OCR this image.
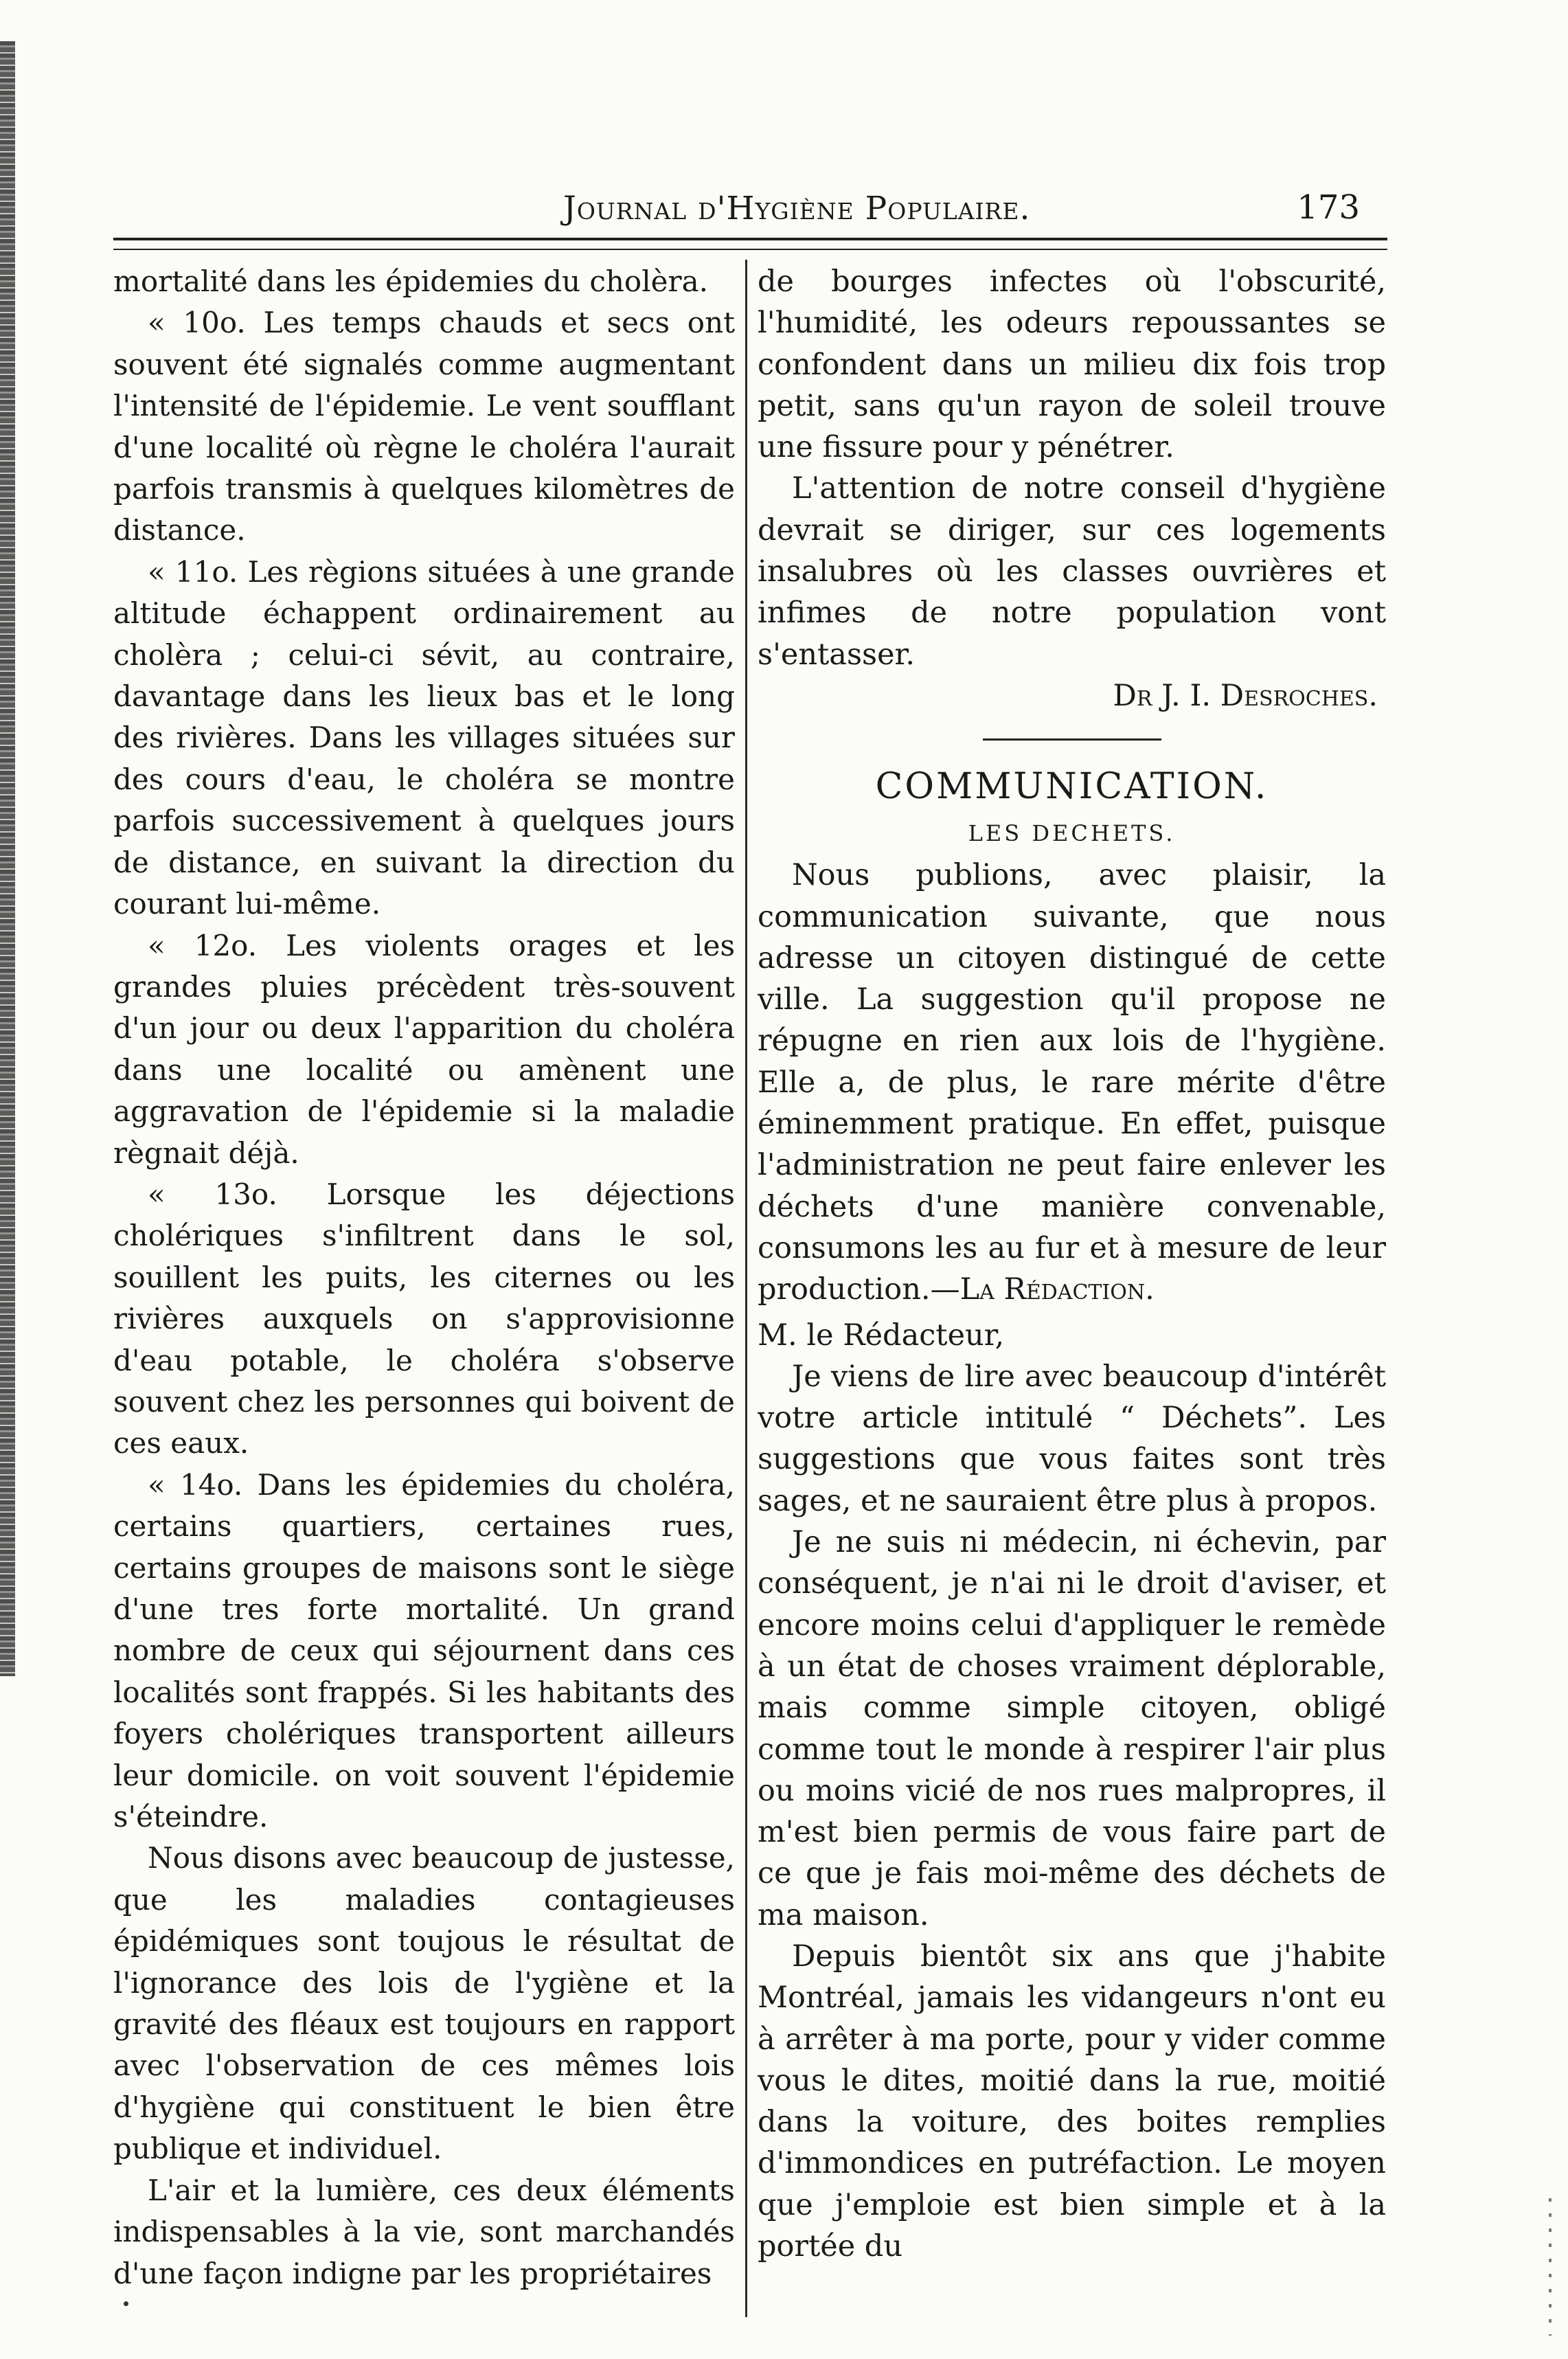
Journal d'Hygiène Populaire.	173

mortalité dans les épidemies du cholèra.

« 10o. Les temps chauds et secs ont souvent été signalés comme augmentant l'intensité de l'épidemie. Le vent soufflant d'une localité où règne le choléra l'aurait parfois transmis à quelques kilomètres de distance.

« 11o. Les règions situées à une grande altitude échappent ordinairement au cholèra ; celui-ci sévit, au contraire, davantage dans les lieux bas et le long des rivières. Dans les villages situées sur des cours d'eau, le choléra se montre parfois successivement à quelques jours de distance, en suivant la direction du courant lui-même.

« 12o. Les violents orages et les grandes pluies précèdent très-souvent d'un jour ou deux l'apparition du choléra dans une localité ou amènent une aggravation de l'épidemie si la maladie règnait déjà.

« 13o. Lorsque les déjections cholériques s'infiltrent dans le sol, souillent les puits, les citernes ou les rivières auxquels on s'approvisionne d'eau potable, le choléra s'observe souvent chez les personnes qui boivent de ces eaux.

« 14o. Dans les épidemies du choléra, certains quartiers, certaines rues, certains groupes de maisons sont le siège d'une tres forte mortalité. Un grand nombre de ceux qui séjournent dans ces localités sont frappés. Si les habitants des foyers cholériques transportent ailleurs leur domicile. on voit souvent l'épidemie s'éteindre.

Nous disons avec beaucoup de justesse, que les maladies contagieuses épidémiques sont toujous le résultat de l'ignorance des lois de l'ygiène et la gravité des fléaux est toujours en rapport avec l'observation de ces mêmes lois d'hygiène qui constituent le bien être publique et individuel.

L'air et la lumière, ces deux éléments indispensables à la vie, sont marchandés d'une façon indigne par les propriétaires

de bourges infectes où l'obscurité, l'humidité, les odeurs repoussantes se confondent dans un milieu dix fois trop petit, sans qu'un rayon de soleil trouve une fissure pour y pénétrer.

L'attention de notre conseil d'hygiène devrait se diriger, sur ces logements insalubres où les classes ouvrières et infimes de notre population vont s'entasser.

Dr J. I. Desroches.

COMMUNICATION.

LES DECHETS.

Nous publions, avec plaisir, la communication suivante, que nous adresse un citoyen distingué de cette ville. La suggestion qu'il propose ne répugne en rien aux lois de l'hygiène. Elle a, de plus, le rare mérite d'être éminemment pratique. En effet, puisque l'administration ne peut faire enlever les déchets d'une manière convenable, consumons les au fur et à mesure de leur production.—La Rédaction.

M. le Rédacteur,

Je viens de lire avec beaucoup d'intérêt votre article intitulé “ Déchets”. Les suggestions que vous faites sont très sages, et ne sauraient être plus à propos.

Je ne suis ni médecin, ni échevin, par conséquent, je n'ai ni le droit d'aviser, et encore moins celui d'appliquer le remède à un état de choses vraiment déplorable, mais comme simple citoyen, obligé comme tout le monde à respirer l'air plus ou moins vicié de nos rues malpropres, il m'est bien permis de vous faire part de ce que je fais moi-même des déchets de ma maison.

Depuis bientôt six ans que j'habite Montréal, jamais les vidangeurs n'ont eu à arrêter à ma porte, pour y vider comme vous le dites, moitié dans la rue, moitié dans la voiture, des boites remplies d'immondices en putréfaction. Le moyen que j'emploie est bien simple et à la portée du
